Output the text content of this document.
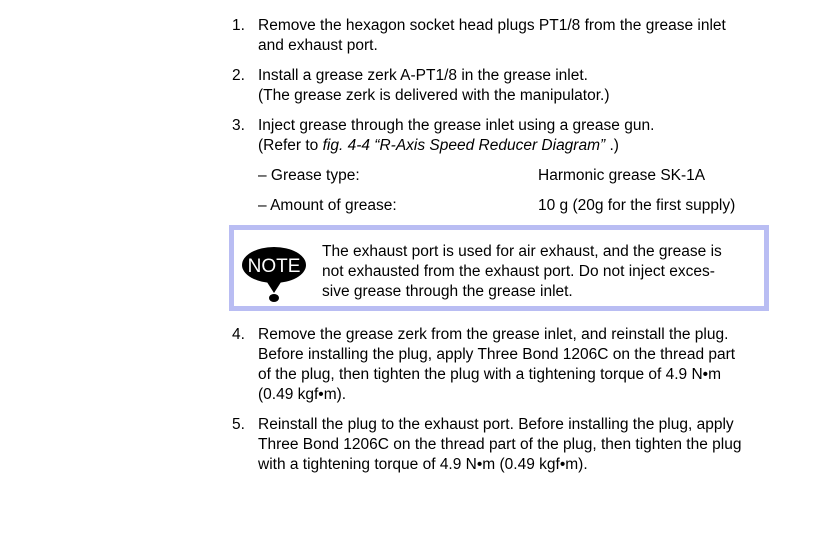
1. Remove the hexagon socket head plugs PT1/8 from the grease inlet
and exhaust port.
2. Install a grease zerk A-PT1/8 in the grease inlet.
(The grease zerk is delivered with the manipulator.)
3. Inject grease through the grease inlet using a grease gun.
(Refer to fig. 4-4 “R-Axis Speed Reducer Diagram” .)
– Grease type:	Harmonic grease SK-1A
– Amount of grease:	10 g (20g for the first supply)
NOTE
The exhaust port is used for air exhaust, and the grease is
not exhausted from the exhaust port. Do not inject exces-
sive grease through the grease inlet.
4. Remove the grease zerk from the grease inlet, and reinstall the plug.
Before installing the plug, apply Three Bond 1206C on the thread part
of the plug, then tighten the plug with a tightening torque of 4.9 N•m
(0.49 kgf•m).
5. Reinstall the plug to the exhaust port. Before installing the plug, apply
Three Bond 1206C on the thread part of the plug, then tighten the plug
with a tightening torque of 4.9 N•m (0.49 kgf•m).
